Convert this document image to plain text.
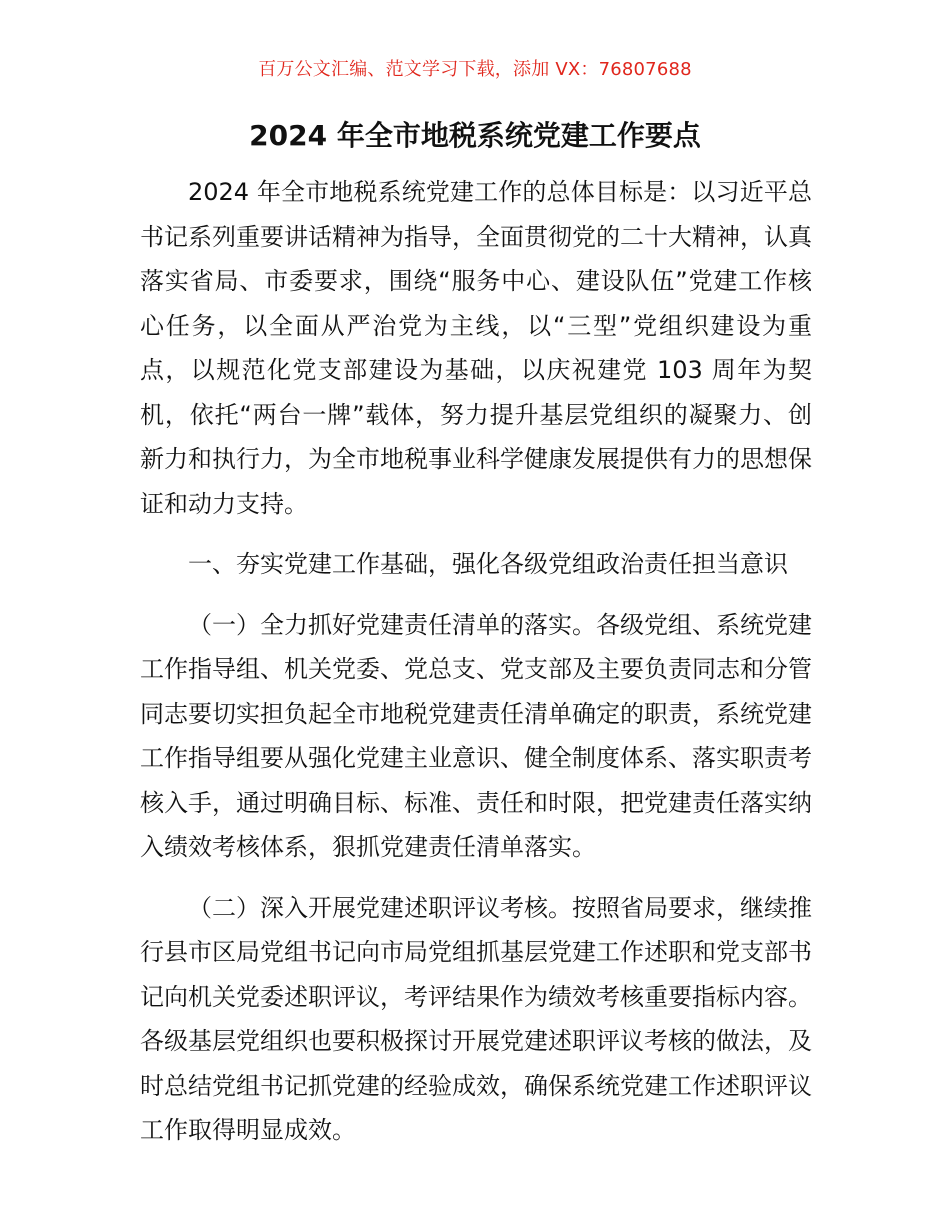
百万公文汇编、范文学习下载，添加 VX：76807688
2024 年全市地税系统党建工作要点

2024 年全市地税系统党建工作的总体目标是：以习近平总书记系列重要讲话精神为指导，全面贯彻党的二十大精神，认真落实省局、市委要求，围绕“服务中心、建设队伍”党建工作核心任务，以全面从严治党为主线，以“三型”党组织建设为重点，以规范化党支部建设为基础，以庆祝建党 103 周年为契机，依托“两台一牌”载体，努力提升基层党组织的凝聚力、创新力和执行力，为全市地税事业科学健康发展提供有力的思想保证和动力支持。

一、夯实党建工作基础，强化各级党组政治责任担当意识

（一）全力抓好党建责任清单的落实。各级党组、系统党建工作指导组、机关党委、党总支、党支部及主要负责同志和分管同志要切实担负起全市地税党建责任清单确定的职责，系统党建工作指导组要从强化党建主业意识、健全制度体系、落实职责考核入手，通过明确目标、标准、责任和时限，把党建责任落实纳入绩效考核体系，狠抓党建责任清单落实。

（二）深入开展党建述职评议考核。按照省局要求，继续推行县市区局党组书记向市局党组抓基层党建工作述职和党支部书记向机关党委述职评议，考评结果作为绩效考核重要指标内容。各级基层党组织也要积极探讨开展党建述职评议考核的做法，及时总结党组书记抓党建的经验成效，确保系统党建工作述职评议工作取得明显成效。
